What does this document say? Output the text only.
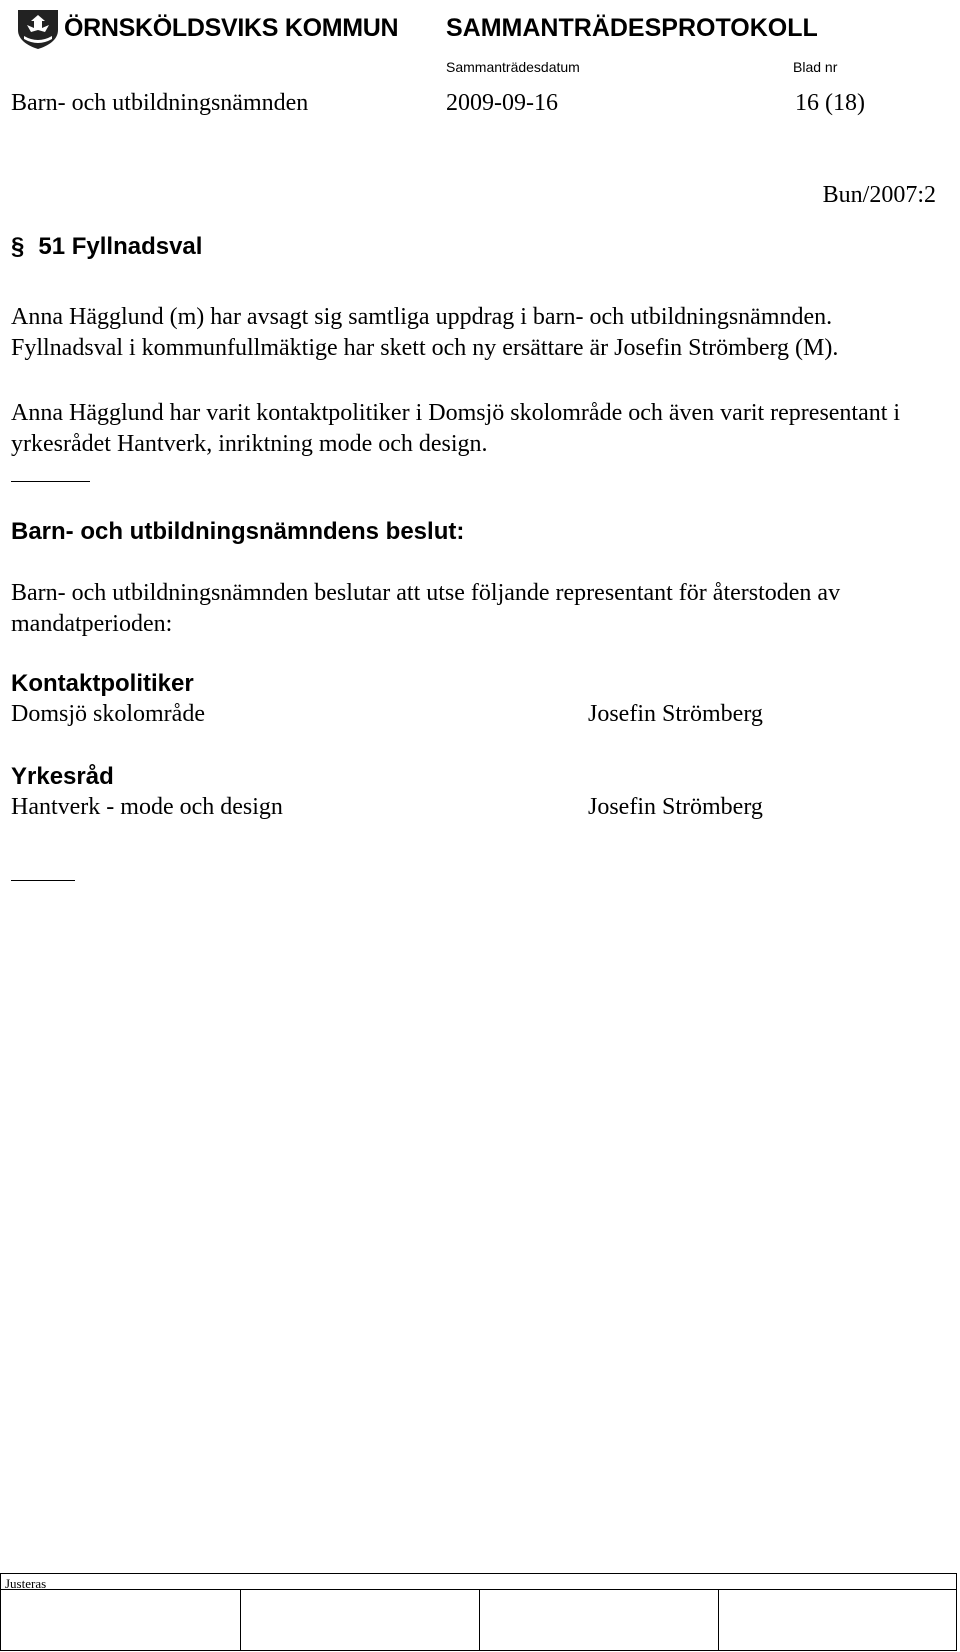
ÖRNSKÖLDSVIKS KOMMUN SAMMANTRÄDESPROTOKOLL
Sammanträdesdatum	Blad nr
Barn- och utbildningsnämnden	2009-09-16	16 (18)
Bun/2007:2
§ 51 Fyllnadsval
Anna Hägglund (m) har avsagt sig samtliga uppdrag i barn- och utbildningsnämnden. Fyllnadsval i kommunfullmäktige har skett och ny ersättare är Josefin Strömberg (M).
Anna Hägglund har varit kontaktpolitiker i Domsjö skolområde och även varit representant i yrkesrådet Hantverk, inriktning mode och design.
Barn- och utbildningsnämndens beslut:
Barn- och utbildningsnämnden beslutar att utse följande representant för återstoden av mandatperioden:
Kontaktpolitiker
Domsjö skolområde	Josefin Strömberg
Yrkesråd
Hantverk - mode och design	Josefin Strömberg
Justeras
